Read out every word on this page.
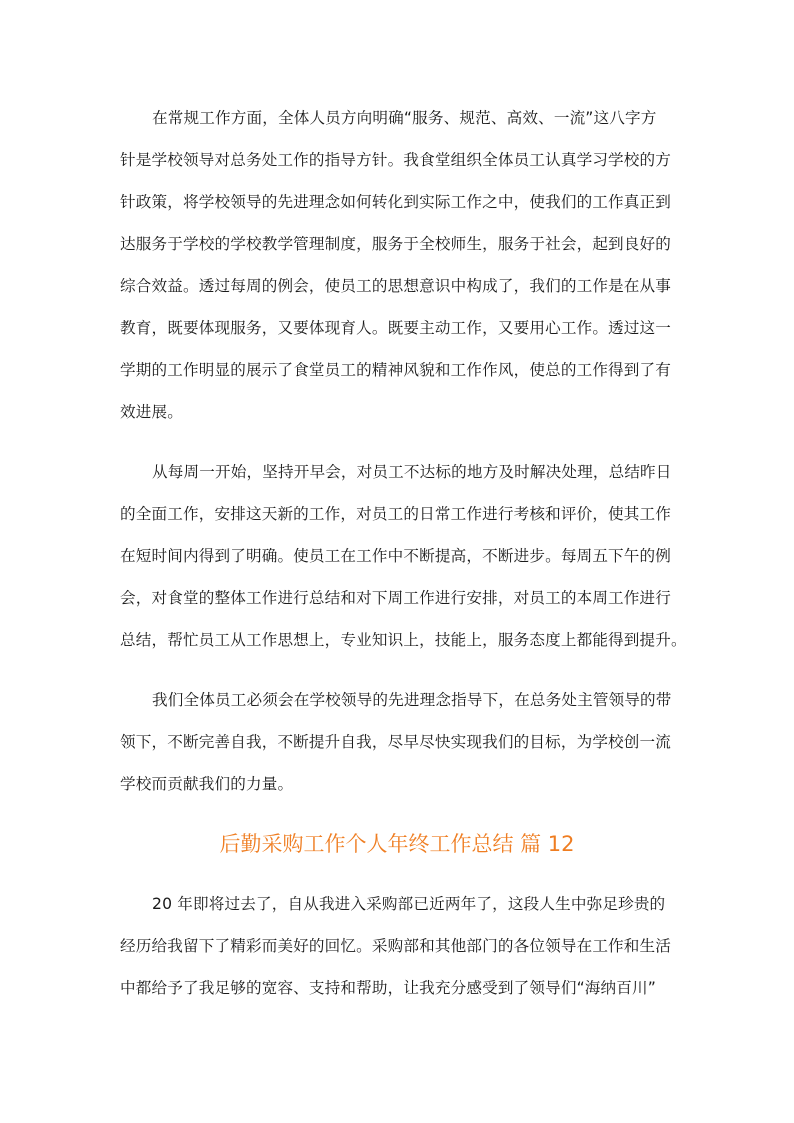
在常规工作方面，全体人员方向明确“服务、规范、高效、一流”这八字方
针是学校领导对总务处工作的指导方针。我食堂组织全体员工认真学习学校的方
针政策，将学校领导的先进理念如何转化到实际工作之中，使我们的工作真正到
达服务于学校的学校教学管理制度，服务于全校师生，服务于社会，起到良好的
综合效益。透过每周的例会，使员工的思想意识中构成了，我们的工作是在从事
教育，既要体现服务，又要体现育人。既要主动工作，又要用心工作。透过这一
学期的工作明显的展示了食堂员工的精神风貌和工作作风，使总的工作得到了有
效进展。
从每周一开始，坚持开早会，对员工不达标的地方及时解决处理，总结昨日
的全面工作，安排这天新的工作，对员工的日常工作进行考核和评价，使其工作
在短时间内得到了明确。使员工在工作中不断提高，不断进步。每周五下午的例
会，对食堂的整体工作进行总结和对下周工作进行安排，对员工的本周工作进行
总结，帮忙员工从工作思想上，专业知识上，技能上，服务态度上都能得到提升。
我们全体员工必须会在学校领导的先进理念指导下，在总务处主管领导的带
领下，不断完善自我，不断提升自我，尽早尽快实现我们的目标，为学校创一流
学校而贡献我们的力量。
后勤采购工作个人年终工作总结 篇 12
20 年即将过去了，自从我进入采购部已近两年了，这段人生中弥足珍贵的
经历给我留下了精彩而美好的回忆。采购部和其他部门的各位领导在工作和生活
中都给予了我足够的宽容、支持和帮助，让我充分感受到了领导们“海纳百川”
